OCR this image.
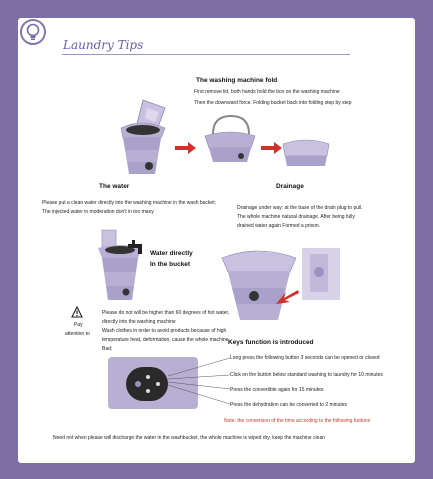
Laundry Tips
The washing machine fold
First remove lid, both hands hold the box on the washing machine
Then the downward force. Folding bucket back into folding step by step
The water	Drainage
Please put a clean water directly into the washing machine in the wash bucket;
The injected water in moderation don't in too many
Drainage under way: at the base of the drain plug to pull.
The whole machine natural drainage. After being fully
drained water again Formed a prison.
Water directly
In the bucket
Pay
attention to
Please do not will be higher than 60 degrees of hot water,
directly into the washing machine
Wash clothes in order to avoid products because of high
temperature heat, deformation, cause the whole machine
Bad;
Keys function is introduced
Long press the following button 3 seconds can be opened or closed
Click on the button below standard washing to laundry for 10 minutes
Press the convertible again for 15 minutes
Press the dehydration can be converted to 2 minutes
Note: the conversion of the time according to the following buttons
Need not when please will discharge the water in the washbucket, the whole machine is wiped dry, keep the machine clean
